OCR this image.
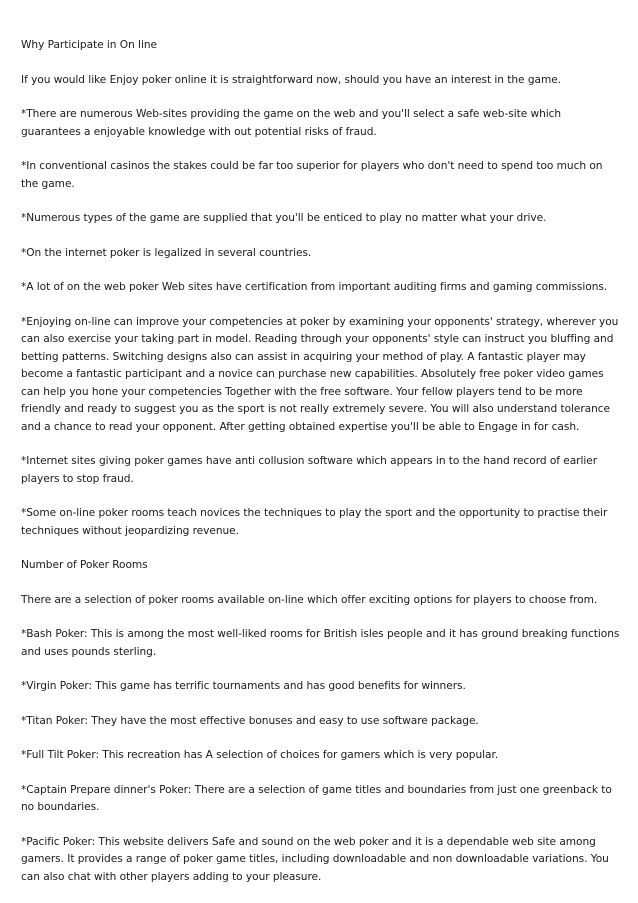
Why Participate in On line

If you would like Enjoy poker online it is straightforward now, should you have an interest in the game.

*There are numerous Web-sites providing the game on the web and you'll select a safe web-site which guarantees a enjoyable knowledge with out potential risks of fraud.

*In conventional casinos the stakes could be far too superior for players who don't need to spend too much on the game.

*Numerous types of the game are supplied that you'll be enticed to play no matter what your drive.

*On the internet poker is legalized in several countries.

*A lot of on the web poker Web sites have certification from important auditing firms and gaming commissions.

*Enjoying on-line can improve your competencies at poker by examining your opponents' strategy, wherever you can also exercise your taking part in model. Reading through your opponents' style can instruct you bluffing and betting patterns. Switching designs also can assist in acquiring your method of play. A fantastic player may become a fantastic participant and a novice can purchase new capabilities. Absolutely free poker video games can help you hone your competencies Together with the free software. Your fellow players tend to be more friendly and ready to suggest you as the sport is not really extremely severe. You will also understand tolerance and a chance to read your opponent. After getting obtained expertise you'll be able to Engage in for cash.

*Internet sites giving poker games have anti collusion software which appears in to the hand record of earlier players to stop fraud.

*Some on-line poker rooms teach novices the techniques to play the sport and the opportunity to practise their techniques without jeopardizing revenue.

Number of Poker Rooms

There are a selection of poker rooms available on-line which offer exciting options for players to choose from.

*Bash Poker: This is among the most well-liked rooms for British isles people and it has ground breaking functions and uses pounds sterling.

*Virgin Poker: This game has terrific tournaments and has good benefits for winners.

*Titan Poker: They have the most effective bonuses and easy to use software package.

*Full Tilt Poker: This recreation has A selection of choices for gamers which is very popular.

*Captain Prepare dinner's Poker: There are a selection of game titles and boundaries from just one greenback to no boundaries.

*Pacific Poker: This website delivers Safe and sound on the web poker and it is a dependable web site among gamers. It provides a range of poker game titles, including downloadable and non downloadable variations. You can also chat with other players adding to your pleasure.
